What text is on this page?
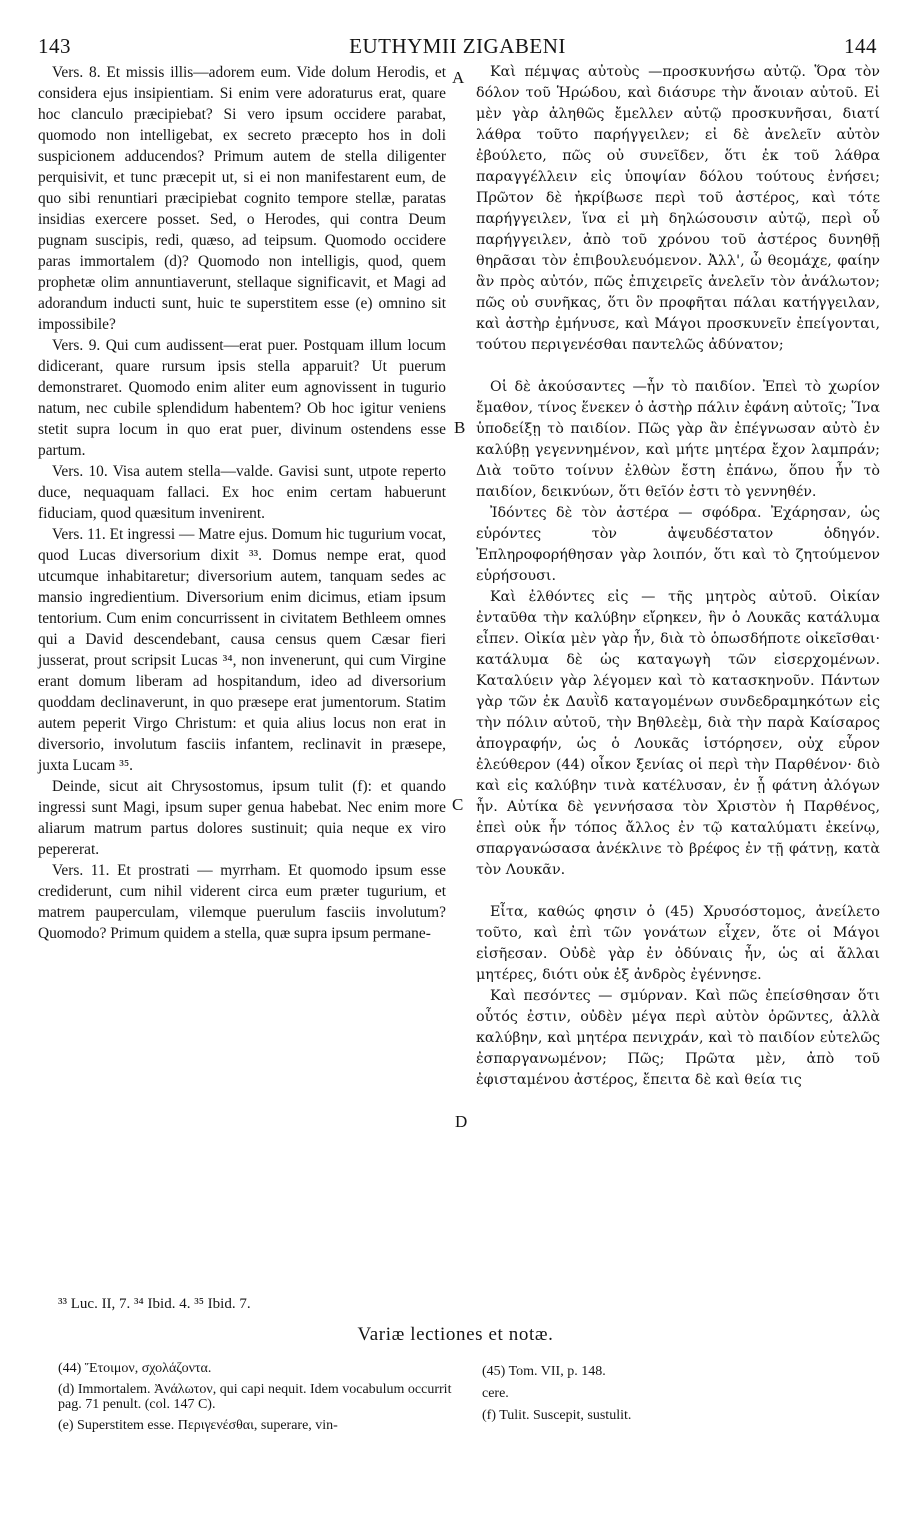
143	EUTHYMII ZIGABENI	144
A
B
C
D

Vers. 8. Et missis illis—adorem eum. Vide dolum Herodis, et considera ejus insipientiam. Si enim vere adoraturus erat, quare hoc clanculo præcipiebat? Si vero ipsum occidere parabat, quomodo non intelligebat, ex secreto præcepto hos in doli suspicionem adducendos? Primum autem de stella diligenter perquisivit, et tunc præcepit ut, si ei non manifestarent eum, de quo sibi renuntiari præcipiebat cognito tempore stellæ, paratas insidias exercere posset. Sed, o Herodes, qui contra Deum pugnam suscipis, redi, quæso, ad teipsum. Quomodo occidere paras immortalem (d)? Quomodo non intelligis, quod, quem prophetæ olim annuntiaverunt, stellaque significavit, et Magi ad adorandum inducti sunt, huic te superstitem esse (e) omnino sit impossibile?

Vers. 9. Qui cum audissent—erat puer. Postquam illum locum didicerant, quare rursum ipsis stella apparuit? Ut puerum demonstraret. Quomodo enim aliter eum agnovissent in tugurio natum, nec cubile splendidum habentem? Ob hoc igitur veniens stetit supra locum in quo erat puer, divinum ostendens esse partum.

Vers. 10. Visa autem stella—valde. Gavisi sunt, utpote reperto duce, nequaquam fallaci. Ex hoc enim certam habuerunt fiduciam, quod quæsitum invenirent.

Vers. 11. Et ingressi — Matre ejus. Domum hic tugurium vocat, quod Lucas diversorium dixit ³³. Domus nempe erat, quod utcumque inhabitaretur; diversorium autem, tanquam sedes ac mansio ingredientium. Diversorium enim dicimus, etiam ipsum tentorium. Cum enim concurrissent in civitatem Bethleem omnes qui a David descendebant, causa census quem Cæsar fieri jusserat, prout scripsit Lucas ³⁴, non invenerunt, qui cum Virgine erant domum liberam ad hospitandum, ideo ad diversorium quoddam declinaverunt, in quo præsepe erat jumentorum. Statim autem peperit Virgo Christum: et quia alius locus non erat in diversorio, involutum fasciis infantem, reclinavit in præsepe, juxta Lucam ³⁵.

Deinde, sicut ait Chrysostomus, ipsum tulit (f): et quando ingressi sunt Magi, ipsum super genua habebat. Nec enim more aliarum matrum partus dolores sustinuit; quia neque ex viro pepererat.

Vers. 11. Et prostrati — myrrham. Et quomodo ipsum esse crediderunt, cum nihil viderent circa eum præter tugurium, et matrem pauperculam, vilemque puerulum fasciis involutum? Quomodo? Primum quidem a stella, quæ supra ipsum permane-

Καὶ πέμψας αὐτοὺς —προσκυνήσω αὐτῷ. Ὅρα τὸν δόλον τοῦ Ἡρώδου, καὶ διάσυρε τὴν ἄνοιαν αὐτοῦ. Εἰ μὲν γὰρ ἀληθῶς ἔμελλεν αὐτῷ προσκυνῆσαι, διατί λάθρα τοῦτο παρήγγειλεν; εἰ δὲ ἀνελεῖν αὐτὸν ἐβούλετο, πῶς οὐ συνεῖδεν, ὅτι ἐκ τοῦ λάθρα παραγγέλλειν εἰς ὑποψίαν δόλου τούτους ἐνήσει; Πρῶτον δὲ ἠκρίβωσε περὶ τοῦ ἀστέρος, καὶ τότε παρήγγειλεν, ἵνα εἰ μὴ δηλώσουσιν αὐτῷ, περὶ οὗ παρήγγειλεν, ἀπὸ τοῦ χρόνου τοῦ ἀστέρος δυνηθῇ θηρᾶσαι τὸν ἐπιβουλευόμενον. Ἀλλ', ὦ θεομάχε, φαίην ἂν πρὸς αὐτόν, πῶς ἐπιχειρεῖς ἀνελεῖν τὸν ἀνάλωτον; πῶς οὐ συνῆκας, ὅτι ὃν προφῆται πάλαι κατήγγειλαν, καὶ ἀστὴρ ἐμήνυσε, καὶ Μάγοι προσκυνεῖν ἐπείγονται, τούτου περιγενέσθαι παντελῶς ἀδύνατον;

Οἱ δὲ ἀκούσαντες —ἦν τὸ παιδίον. Ἐπεὶ τὸ χωρίον ἔμαθον, τίνος ἕνεκεν ὁ ἀστὴρ πάλιν ἐφάνη αὐτοῖς; Ἵνα ὑποδείξῃ τὸ παιδίον. Πῶς γὰρ ἂν ἐπέγνωσαν αὐτὸ ἐν καλύβῃ γεγεννημένον, καὶ μήτε μητέρα ἔχον λαμπράν; Διὰ τοῦτο τοίνυν ἐλθὼν ἔστη ἐπάνω, ὅπου ἦν τὸ παιδίον, δεικνύων, ὅτι θεῖόν ἐστι τὸ γεννηθέν.

Ἰδόντες δὲ τὸν ἀστέρα — σφόδρα. Ἐχάρησαν, ὡς εὑρόντες τὸν ἀψευδέστατον ὁδηγόν. Ἐπληροφορήθησαν γὰρ λοιπόν, ὅτι καὶ τὸ ζητούμενον εὑρήσουσι.

Καὶ ἐλθόντες εἰς — τῆς μητρὸς αὐτοῦ. Οἰκίαν ἐνταῦθα τὴν καλύβην εἴρηκεν, ἣν ὁ Λουκᾶς κατάλυμα εἶπεν. Οἰκία μὲν γὰρ ἦν, διὰ τὸ ὁπωσδήποτε οἰκεῖσθαι· κατάλυμα δὲ ὡς καταγωγὴ τῶν εἰσερχομένων. Καταλύειν γὰρ λέγομεν καὶ τὸ κατασκηνοῦν. Πάντων γὰρ τῶν ἐκ Δαυῒδ καταγομένων συνδεδραμηκότων εἰς τὴν πόλιν αὐτοῦ, τὴν Βηθλεὲμ, διὰ τὴν παρὰ Καίσαρος ἀπογραφήν, ὡς ὁ Λουκᾶς ἱστόρησεν, οὐχ εὗρον ἐλεύθερον (44) οἶκον ξενίας οἱ περὶ τὴν Παρθένον· διὸ καὶ εἰς καλύβην τινὰ κατέλυσαν, ἐν ᾗ φάτνη ἀλόγων ἦν. Αὐτίκα δὲ γεννήσασα τὸν Χριστὸν ἡ Παρθένος, ἐπεὶ οὐκ ἦν τόπος ἄλλος ἐν τῷ καταλύματι ἐκείνῳ, σπαργανώσασα ἀνέκλινε τὸ βρέφος ἐν τῇ φάτνῃ, κατὰ τὸν Λουκᾶν.

Εἶτα, καθώς φησιν ὁ (45) Χρυσόστομος, ἀνείλετο τοῦτο, καὶ ἐπὶ τῶν γονάτων εἶχεν, ὅτε οἱ Μάγοι εἰσῆεσαν. Οὐδὲ γὰρ ἐν ὀδύναις ἦν, ὡς αἱ ἄλλαι μητέρες, διότι οὐκ ἐξ ἀνδρὸς ἐγέννησε.

Καὶ πεσόντες — σμύρναν. Καὶ πῶς ἐπείσθησαν ὅτι οὗτός ἐστιν, οὐδὲν μέγα περὶ αὐτὸν ὁρῶντες, ἀλλὰ καλύβην, καὶ μητέρα πενιχράν, καὶ τὸ παιδίον εὐτελῶς ἐσπαργανωμένον; Πῶς; Πρῶτα μὲν, ἀπὸ τοῦ ἐφισταμένου ἀστέρος, ἔπειτα δὲ καὶ θεία τις

³³ Luc. II, 7. ³⁴ Ibid. 4. ³⁵ Ibid. 7.
Variæ lectiones et notæ.

(44) Ἕτοιμον, σχολάζοντα.

(d) Immortalem. Ἀνάλωτον, qui capi nequit. Idem vocabulum occurrit pag. 71 penult. (col. 147 C).

(e) Superstitem esse. Περιγενέσθαι, superare, vin-

(45) Tom. VII, p. 148.

cere.

(f) Tulit. Suscepit, sustulit.
